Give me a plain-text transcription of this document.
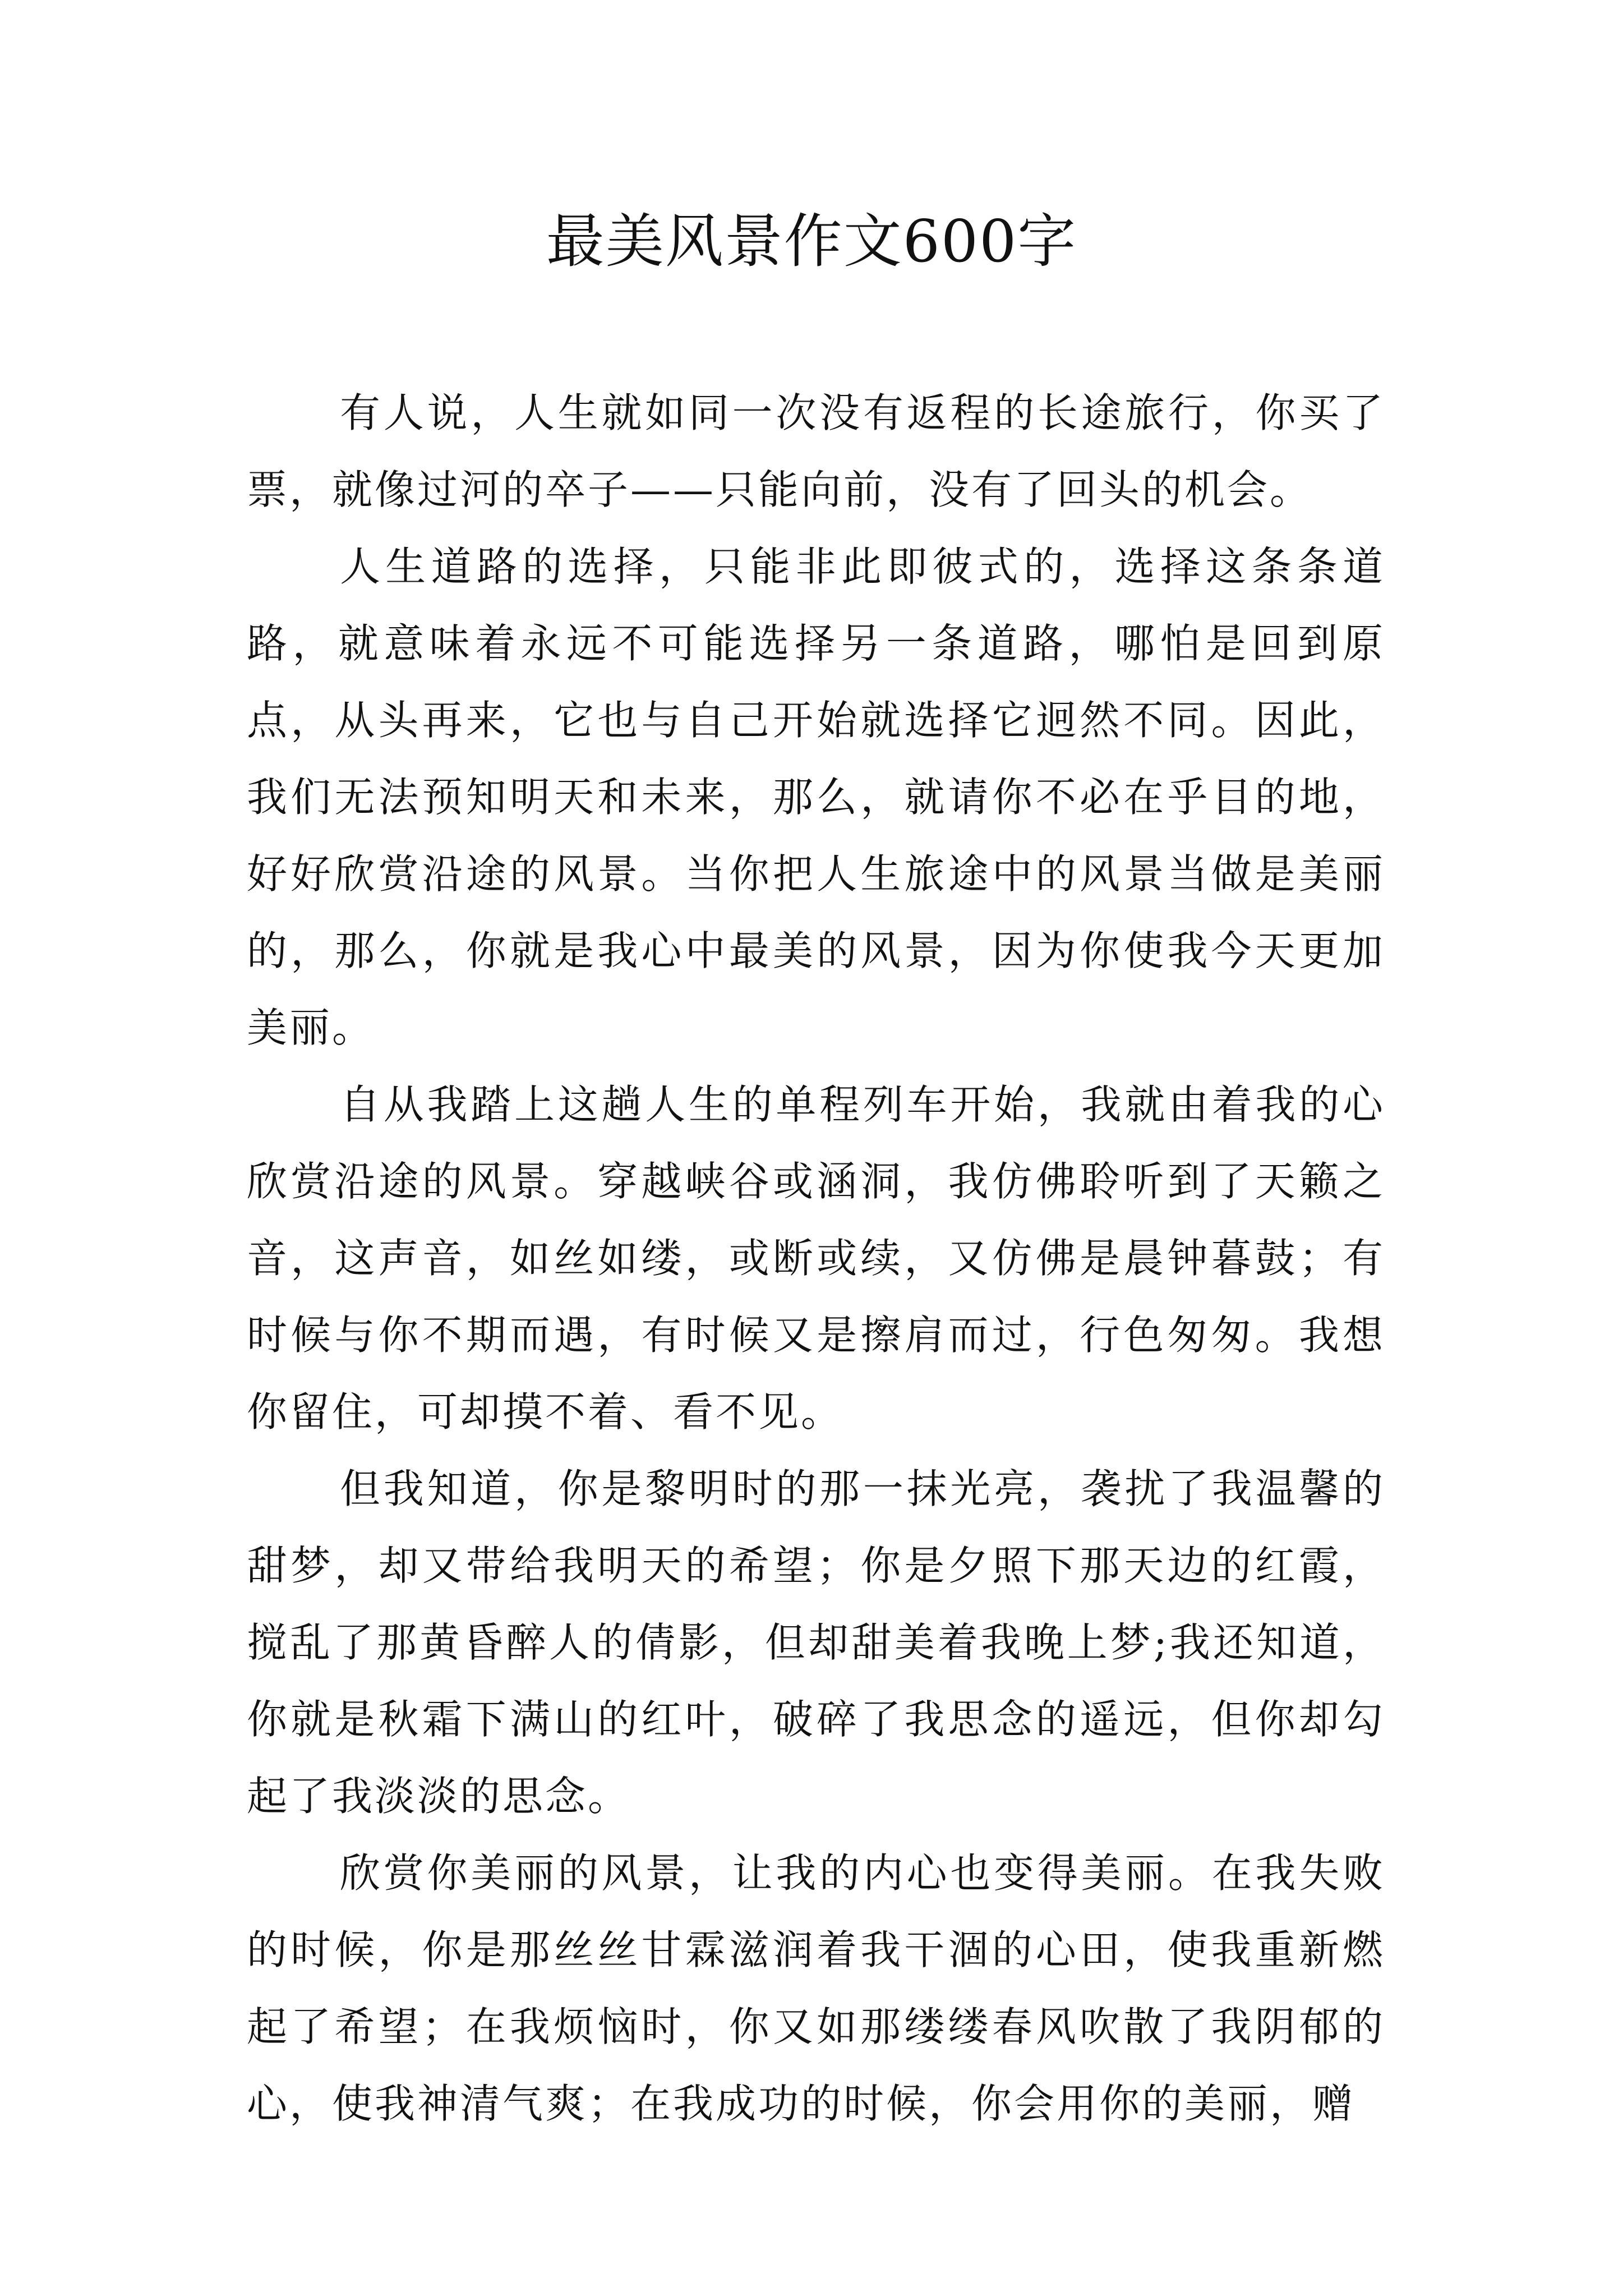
最美风景作文600字

有人说，人生就如同一次没有返程的长途旅行，你买了票，就像过河的卒子——只能向前，没有了回头的机会。

人生道路的选择，只能非此即彼式的，选择这条条道路，就意味着永远不可能选择另一条道路，哪怕是回到原点，从头再来，它也与自己开始就选择它迥然不同。因此，我们无法预知明天和未来，那么，就请你不必在乎目的地，好好欣赏沿途的风景。当你把人生旅途中的风景当做是美丽的，那么，你就是我心中最美的风景，因为你使我今天更加美丽。

自从我踏上这趟人生的单程列车开始，我就由着我的心欣赏沿途的风景。穿越峡谷或涵洞，我仿佛聆听到了天籁之音，这声音，如丝如缕，或断或续，又仿佛是晨钟暮鼓；有时候与你不期而遇，有时候又是擦肩而过，行色匆匆。我想你留住，可却摸不着、看不见。

但我知道，你是黎明时的那一抹光亮，袭扰了我温馨的甜梦，却又带给我明天的希望；你是夕照下那天边的红霞，搅乱了那黄昏醉人的倩影，但却甜美着我晚上梦;我还知道，你就是秋霜下满山的红叶，破碎了我思念的遥远，但你却勾起了我淡淡的思念。

欣赏你美丽的风景，让我的内心也变得美丽。在我失败的时候，你是那丝丝甘霖滋润着我干涸的心田，使我重新燃起了希望；在我烦恼时，你又如那缕缕春风吹散了我阴郁的心，使我神清气爽；在我成功的时候，你会用你的美丽，赠
